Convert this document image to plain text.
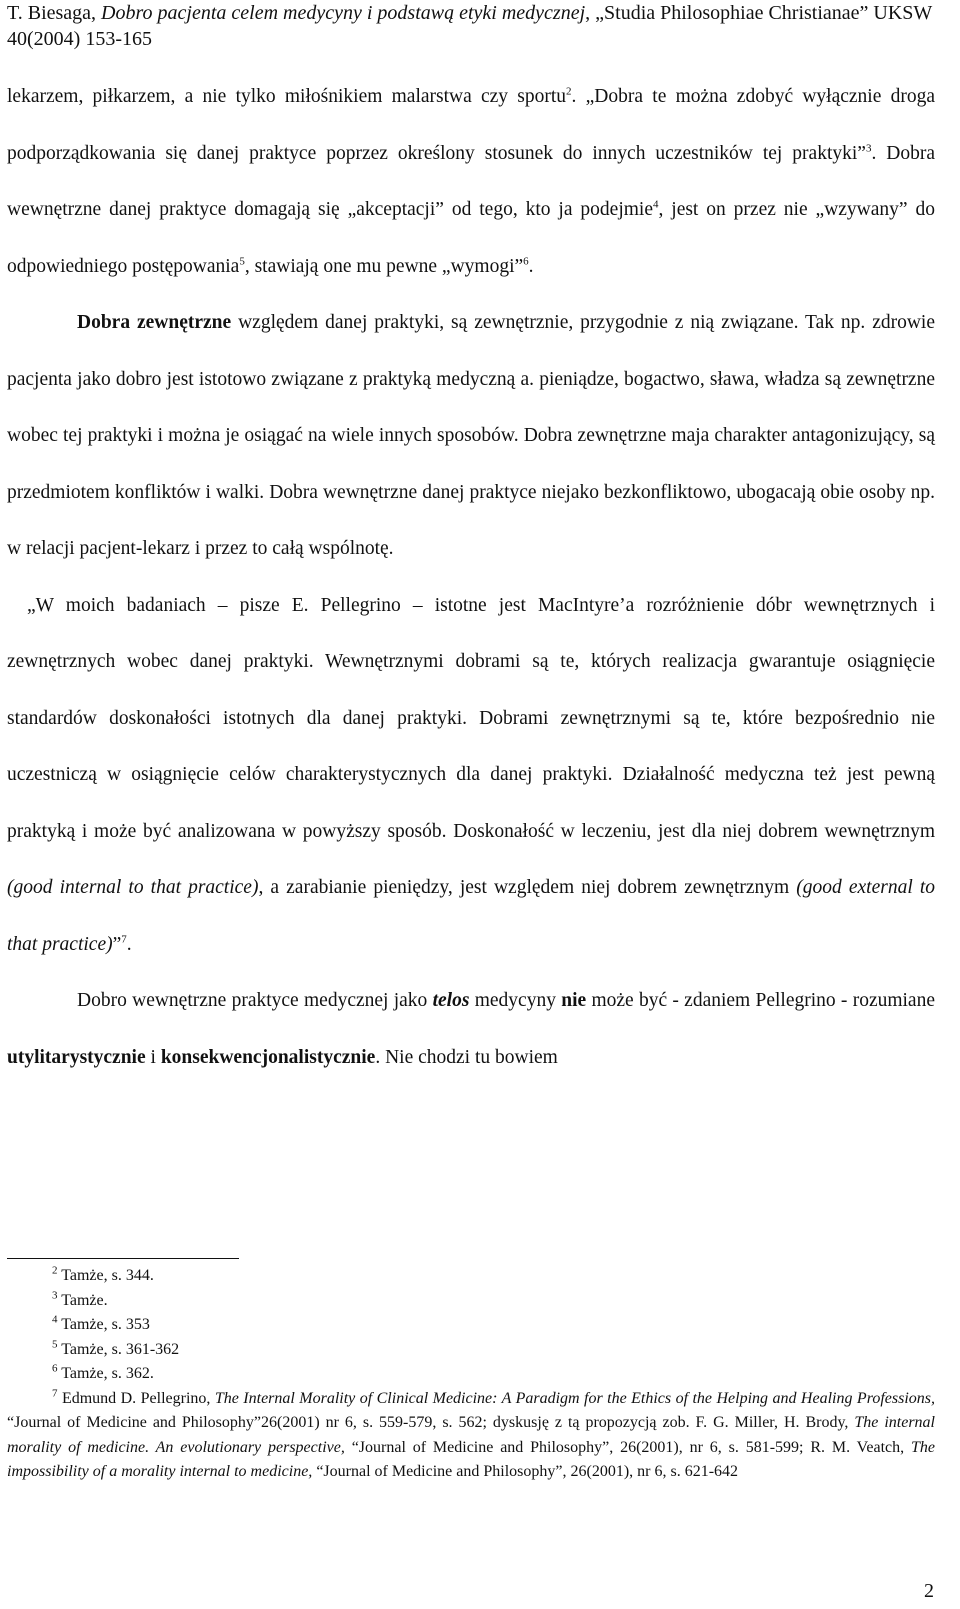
T. Biesaga, Dobro pacjenta celem medycyny i podstawą etyki medycznej, „Studia Philosophiae Christianae” UKSW 40(2004) 153-165

lekarzem, piłkarzem, a nie tylko miłośnikiem malarstwa czy sportu$^2$. „Dobra te można zdobyć wyłącznie droga podporządkowania się danej praktyce poprzez określony stosunek do innych uczestników tej praktyki”$^3$. Dobra wewnętrzne danej praktyce domagają się „akceptacji” od tego, kto ja podejmie$^4$, jest on przez nie „wzywany” do odpowiedniego postępowania$^5$, stawiają one mu pewne „wymogi”$^6$.

Dobra zewnętrzne względem danej praktyki, są zewnętrznie, przygodnie z nią związane. Tak np. zdrowie pacjenta jako dobro jest istotowo związane z praktyką medyczną a. pieniądze, bogactwo, sława, władza są zewnętrzne wobec tej praktyki i można je osiągać na wiele innych sposobów. Dobra zewnętrzne maja charakter antagonizujący, są przedmiotem konfliktów i walki. Dobra wewnętrzne danej praktyce niejako bezkonfliktowo, ubogacają obie osoby np. w relacji pacjent-lekarz i przez to całą wspólnotę.

„W moich badaniach – pisze E. Pellegrino – istotne jest MacIntyre’a rozróżnienie dóbr wewnętrznych i zewnętrznych wobec danej praktyki. Wewnętrznymi dobrami są te, których realizacja gwarantuje osiągnięcie standardów doskonałości istotnych dla danej praktyki. Dobrami zewnętrznymi są te, które bezpośrednio nie uczestniczą w osiągnięcie celów charakterystycznych dla danej praktyki. Działalność medyczna też jest pewną praktyką i może być analizowana w powyższy sposób. Doskonałość w leczeniu, jest dla niej dobrem wewnętrznym (good internal to that practice), a zarabianie pieniędzy, jest względem niej dobrem zewnętrznym (good external to that practice)”$^7$.

Dobro wewnętrzne praktyce medycznej jako telos medycyny nie może być - zdaniem Pellegrino - rozumiane utylitarystycznie i konsekwencjonalistycznie. Nie chodzi tu bowiem

$^2$ Tamże, s. 344.

$^3$ Tamże.

$^4$ Tamże, s. 353

$^5$ Tamże, s. 361-362

$^6$ Tamże, s. 362.

$^7$ Edmund D. Pellegrino, The Internal Morality of Clinical Medicine: A Paradigm for the Ethics of the Helping and Healing Professions, “Journal of Medicine and Philosophy”26(2001) nr 6, s. 559-579, s. 562; dyskusję z tą propozycją zob. F. G. Miller, H. Brody, The internal morality of medicine. An evolutionary perspective, “Journal of Medicine and Philosophy”, 26(2001), nr 6, s. 581-599; R. M. Veatch, The impossibility of a morality internal to medicine, “Journal of Medicine and Philosophy”, 26(2001), nr 6, s. 621-642

2
